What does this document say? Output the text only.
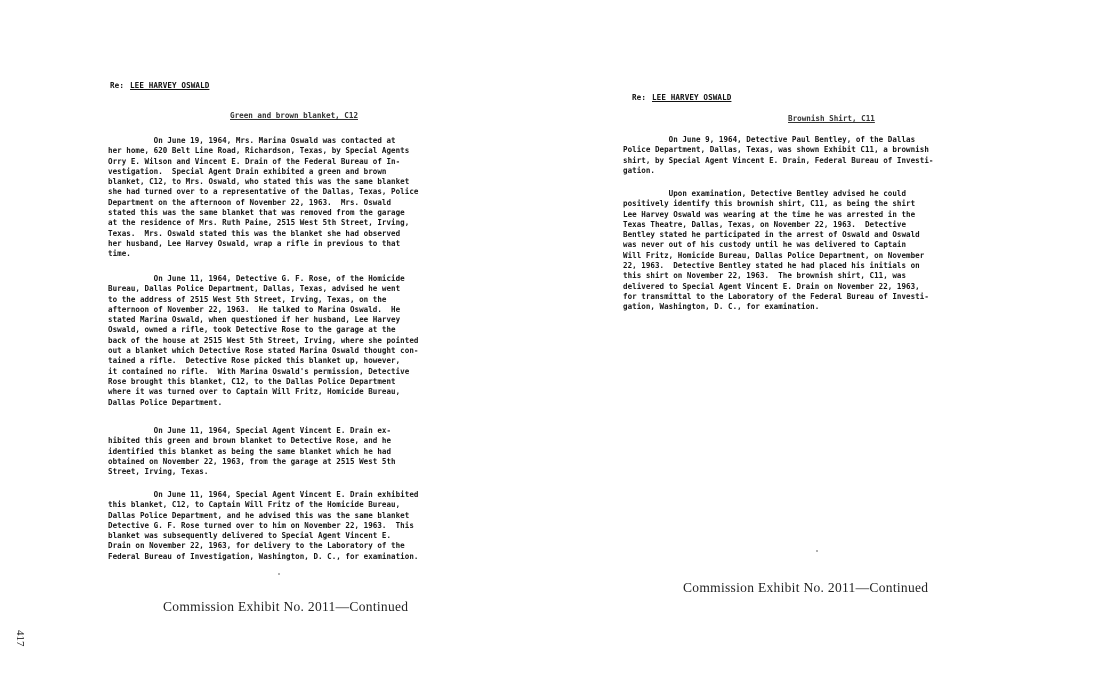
Re: LEE HARVEY OSWALD
Green and brown blanket, C12
On June 19, 1964, Mrs. Marina Oswald was contacted at
her home, 620 Belt Line Road, Richardson, Texas, by Special Agents
Orry E. Wilson and Vincent E. Drain of the Federal Bureau of In-
vestigation.  Special Agent Drain exhibited a green and brown
blanket, C12, to Mrs. Oswald, who stated this was the same blanket
she had turned over to a representative of the Dallas, Texas, Police
Department on the afternoon of November 22, 1963.  Mrs. Oswald
stated this was the same blanket that was removed from the garage
at the residence of Mrs. Ruth Paine, 2515 West 5th Street, Irving,
Texas.  Mrs. Oswald stated this was the blanket she had observed
her husband, Lee Harvey Oswald, wrap a rifle in previous to that
time.
On June 11, 1964, Detective G. F. Rose, of the Homicide
Bureau, Dallas Police Department, Dallas, Texas, advised he went
to the address of 2515 West 5th Street, Irving, Texas, on the
afternoon of November 22, 1963.  He talked to Marina Oswald.  He
stated Marina Oswald, when questioned if her husband, Lee Harvey
Oswald, owned a rifle, took Detective Rose to the garage at the
back of the house at 2515 West 5th Street, Irving, where she pointed
out a blanket which Detective Rose stated Marina Oswald thought con-
tained a rifle.  Detective Rose picked this blanket up, however,
it contained no rifle.  With Marina Oswald's permission, Detective
Rose brought this blanket, C12, to the Dallas Police Department
where it was turned over to Captain Will Fritz, Homicide Bureau,
Dallas Police Department.
On June 11, 1964, Special Agent Vincent E. Drain ex-
hibited this green and brown blanket to Detective Rose, and he
identified this blanket as being the same blanket which he had
obtained on November 22, 1963, from the garage at 2515 West 5th
Street, Irving, Texas.
On June 11, 1964, Special Agent Vincent E. Drain exhibited
this blanket, C12, to Captain Will Fritz of the Homicide Bureau,
Dallas Police Department, and he advised this was the same blanket
Detective G. F. Rose turned over to him on November 22, 1963.  This
blanket was subsequently delivered to Special Agent Vincent E.
Drain on November 22, 1963, for delivery to the Laboratory of the
Federal Bureau of Investigation, Washington, D. C., for examination.
Commission Exhibit No. 2011—Continued
417
Re: LEE HARVEY OSWALD
Brownish Shirt, C11
On June 9, 1964, Detective Paul Bentley, of the Dallas
Police Department, Dallas, Texas, was shown Exhibit C11, a brownish
shirt, by Special Agent Vincent E. Drain, Federal Bureau of Investi-
gation.
Upon examination, Detective Bentley advised he could
positively identify this brownish shirt, C11, as being the shirt
Lee Harvey Oswald was wearing at the time he was arrested in the
Texas Theatre, Dallas, Texas, on November 22, 1963.  Detective
Bentley stated he participated in the arrest of Oswald and Oswald
was never out of his custody until he was delivered to Captain
Will Fritz, Homicide Bureau, Dallas Police Department, on November
22, 1963.  Detective Bentley stated he had placed his initials on
this shirt on November 22, 1963.  The brownish shirt, C11, was
delivered to Special Agent Vincent E. Drain on November 22, 1963,
for transmittal to the Laboratory of the Federal Bureau of Investi-
gation, Washington, D. C., for examination.
Commission Exhibit No. 2011—Continued
